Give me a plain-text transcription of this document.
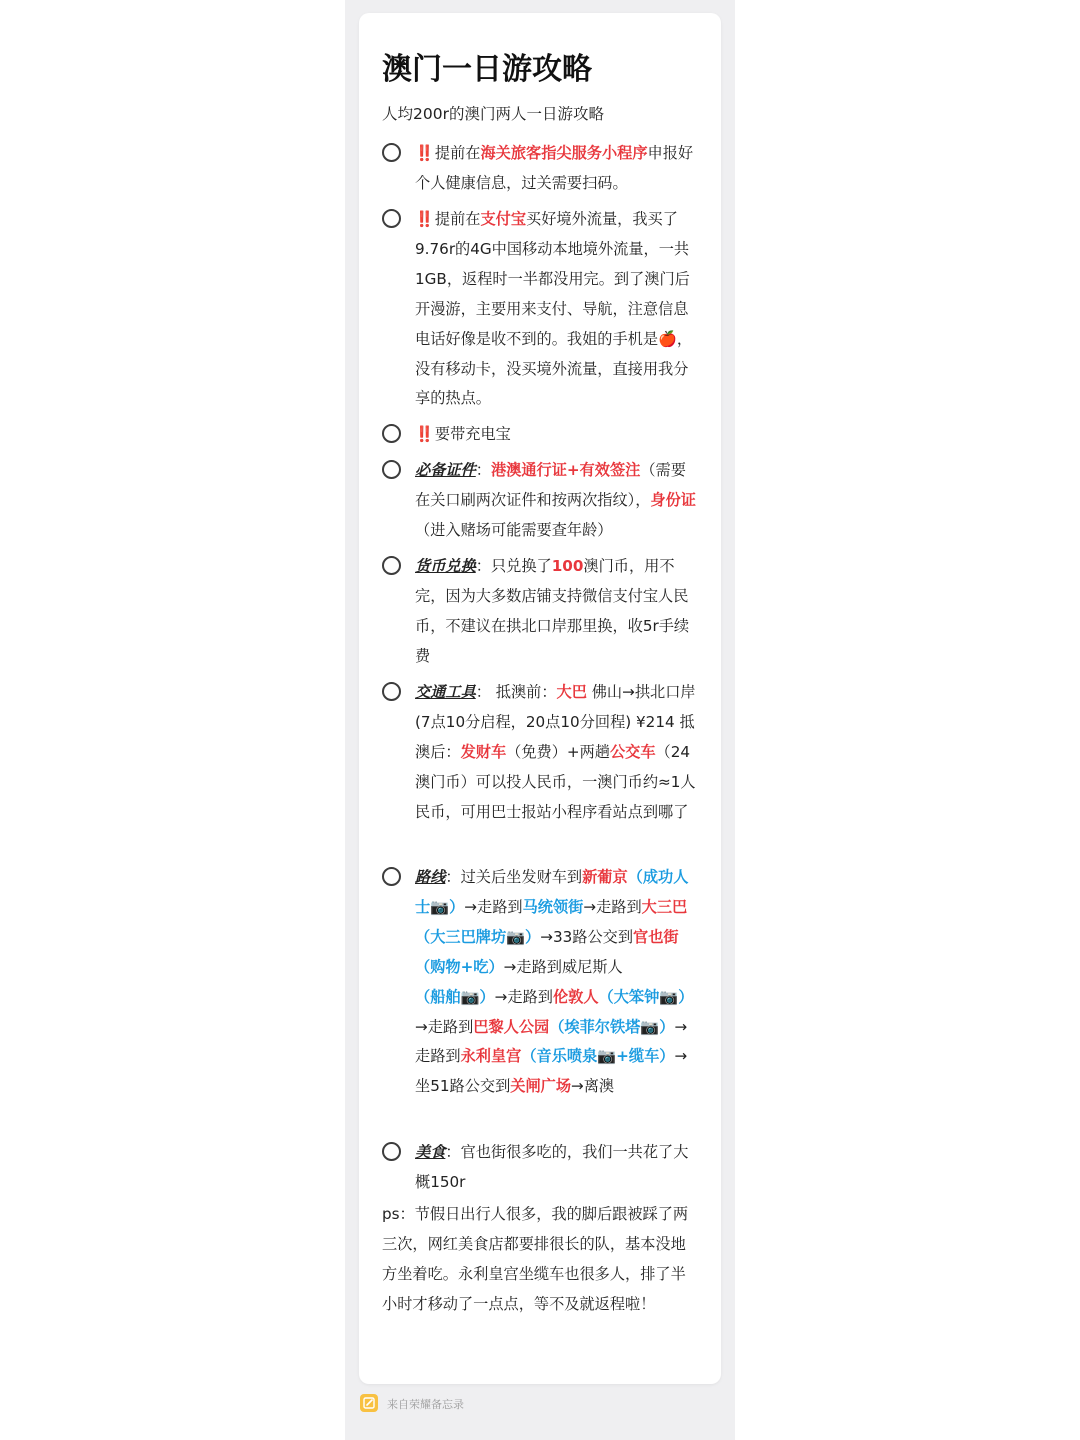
澳门一日游攻略
人均200r的澳门两人一日游攻略
‼️提前在海关旅客指尖服务小程序申报好个人健康信息，过关需要扫码。
‼️提前在支付宝买好境外流量，我买了9.76r的4G中国移动本地境外流量，一共1GB，返程时一半都没用完。到了澳门后开漫游，主要用来支付、导航，注意信息电话好像是收不到的。我姐的手机是🍎，没有移动卡，没买境外流量，直接用我分享的热点。
‼️要带充电宝
必备证件：港澳通行证+有效签注（需要在关口刷两次证件和按两次指纹），身份证（进入赌场可能需要查年龄）
货币兑换：只兑换了100澳门币，用不完，因为大多数店铺支持微信支付宝人民币，不建议在拱北口岸那里换，收5r手续费
交通工具： 抵澳前：大巴 佛山→拱北口岸(7点10分启程，20点10分回程) ¥214 抵澳后：发财车（免费）+两趟公交车（24澳门币）可以投人民币，一澳门币约≈1人民币，可用巴士报站小程序看站点到哪了
路线：过关后坐发财车到新葡京（成功人士📷）→走路到马统领街→走路到大三巴（大三巴牌坊📷）→33路公交到官也街（购物+吃）→走路到威尼斯人（船舶📷）→走路到伦敦人（大笨钟📷）→走路到巴黎人公园（埃菲尔铁塔📷）→走路到永利皇宫（音乐喷泉📷+缆车）→坐51路公交到关闸广场→离澳
美食：官也街很多吃的，我们一共花了大概150r
ps：节假日出行人很多，我的脚后跟被踩了两三次，网红美食店都要排很长的队，基本没地方坐着吃。永利皇宫坐缆车也很多人，排了半小时才移动了一点点，等不及就返程啦！
来自荣耀备忘录
